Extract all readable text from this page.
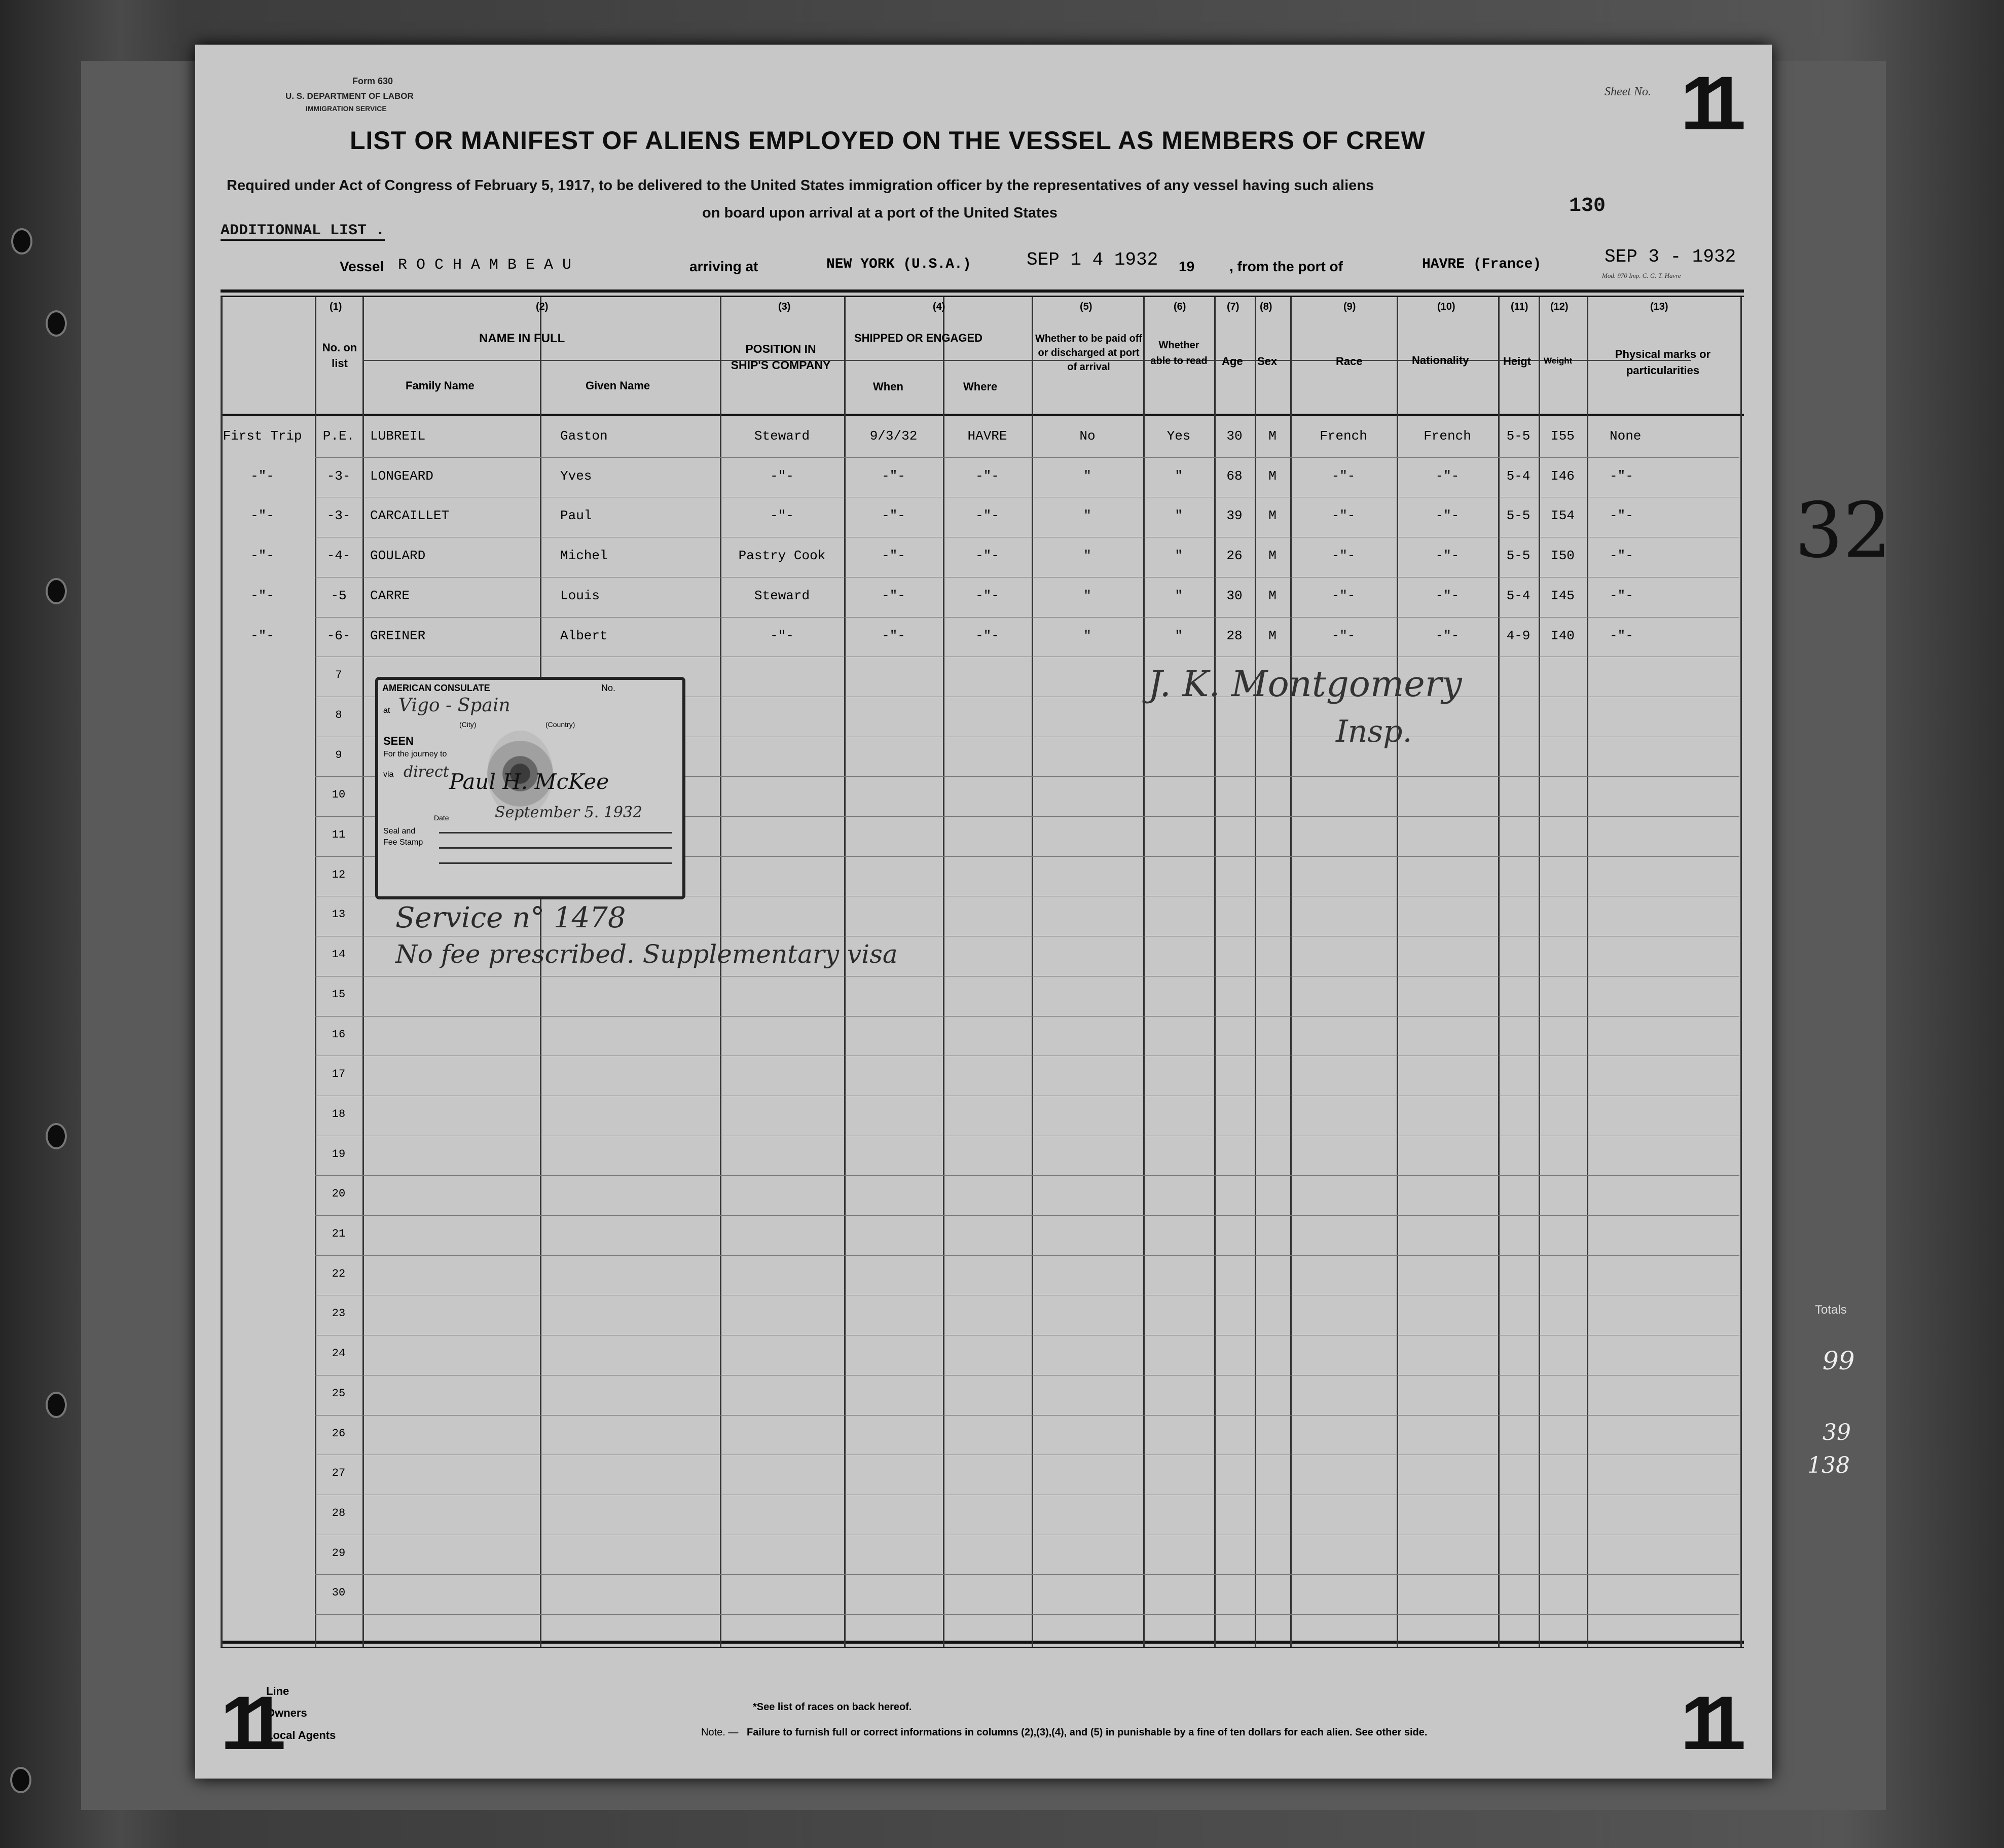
Form 630
U. S. DEPARTMENT OF LABOR
IMMIGRATION SERVICE
Sheet No. 11
LIST OR MANIFEST OF ALIENS EMPLOYED ON THE VESSEL AS MEMBERS OF CREW
Required under Act of Congress of February 5, 1917, to be delivered to the United States immigration officer by the representatives of any vessel having such aliens
on board upon arrival at a port of the United States
ADDITIONNAL LIST .
130
Vessel R O C H A M B E A U	arriving at	NEW YORK (U.S.A.)	SEP 1 4 1932 19 , from the port of	HAVRE (France)	SEP 3 - 1932
Mod. 970 Imp. C. G. T. Havre
First Trip	P.E.	LUBREIL	Gaston	Steward	9/3/32	HAVRE	No	Yes	30	M	French	French	5-5	I55	None
-"-	-3-	LONGEARD	Yves	-"-	-"-	-"-	"	"	68	M	-"-	-"-	5-4	I46	-"-
-"-	-3-	CARCAILLET	Paul	-"-	-"-	-"-	"	"	39	M	-"-	-"-	5-5	I54	-"-
-"-	-4-	GOULARD	Michel	Pastry Cook	-"-	-"-	"	"	26	M	-"-	-"-	5-5	I50	-"-
-"-	-5	CARRE	Louis	Steward	-"-	-"-	"	"	30	M	-"-	-"-	5-4	I45	-"-
-"-	-6-	GREINER	Albert	-"-	-"-	-"-	"	"	28	M	-"-	-"-	4-9	I40	-"-
7
8
9
10
11
12
13
14
15
16
17
18
19
20
21
22
23
24
25
26
27
28
29
30
(1)
No. on list
(2)
NAME IN FULL
Family Name	Given Name
(3)
POSITION IN SHIP'S COMPANY
(4)
SHIPPED OR ENGAGED
When	Where
(5)
Whether to be paid off or discharged at port of arrival
(6)
Whether able to read
(7)
Age
(8)
Sex
(9)
Race
(10)
Nationality
(11)
Heigt
(12)
Weight
(13)
Physical marks or particularities
AMERICAN CONSULATE	No.
at Vigo - Spain
(City)	(Country)
SEEN
For the journey to
via direct Paul H. McKee
Date	September 5. 1932
Seal and
Fee Stamp
Service n° 1478
No fee prescribed. Supplementary visa
J. K. Montgomery
Insp.
Line
Owners
Local Agents
*See list of races on back hereof.
Note. — Failure to furnish full or correct informations in columns (2),(3),(4), and (5) in punishable by a fine of ten dollars for each alien. See other side.
11	11
32
Totals
99
39
138
